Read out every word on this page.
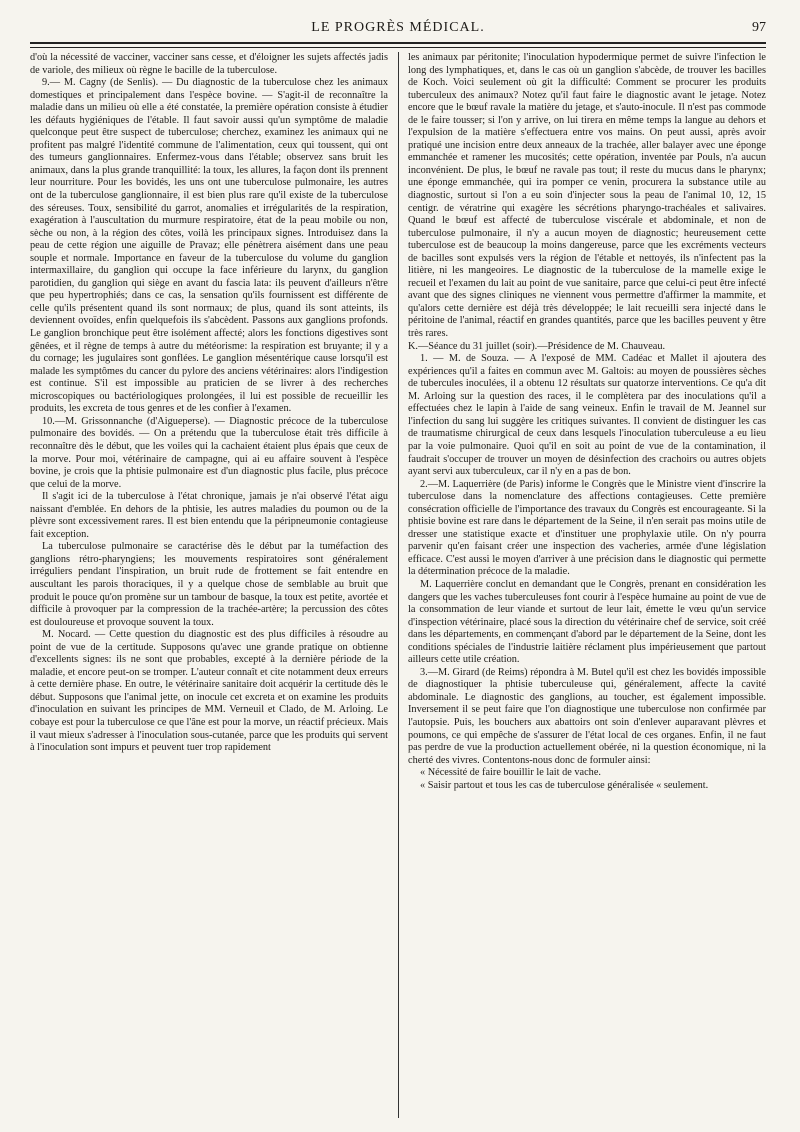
LE PROGRÈS MÉDICAL.	97

d'où la nécessité de vacciner, vacciner sans cesse, et d'éloigner les sujets affectés jadis de variole, des milieux où règne le bacille de la tuberculose.

9.— M. Cagny (de Senlis). — Du diagnostic de la tuberculose chez les animaux domestiques et principalement dans l'espèce bovine. — S'agit-il de reconnaître la maladie dans un milieu où elle a été constatée, la première opération consiste à étudier les défauts hygiéniques de l'étable. Il faut savoir aussi qu'un symptôme de maladie quelconque peut être suspect de tuberculose; cherchez, examinez les animaux qui ne profitent pas malgré l'identité commune de l'alimentation, ceux qui toussent, qui ont des tumeurs ganglionnaires. Enfermez-vous dans l'étable; observez sans bruit les animaux, dans la plus grande tranquillité: la toux, les allures, la façon dont ils prennent leur nourriture. Pour les bovidés, les uns ont une tuberculose pulmonaire, les autres ont de la tuberculose ganglionnaire, il est bien plus rare qu'il existe de la tuberculose des séreuses. Toux, sensibilité du garrot, anomalies et irrégularités de la respiration, exagération à l'auscultation du murmure respiratoire, état de la peau mobile ou non, sèche ou non, à la région des côtes, voilà les principaux signes. Introduisez dans la peau de cette région une aiguille de Pravaz; elle pénètrera aisément dans une peau souple et normale. Importance en faveur de la tuberculose du volume du ganglion intermaxillaire, du ganglion qui occupe la face inférieure du larynx, du ganglion parotidien, du ganglion qui siège en avant du fascia lata: ils peuvent d'ailleurs n'être que peu hypertrophiés; dans ce cas, la sensation qu'ils fournissent est différente de celle qu'ils présentent quand ils sont normaux; de plus, quand ils sont atteints, ils deviennent ovoïdes, enfin quelquefois ils s'abcèdent. Passons aux ganglions profonds. Le ganglion bronchique peut être isolément affecté; alors les fonctions digestives sont gênées, et il règne de temps à autre du météorisme: la respiration est bruyante; il y a du cornage; les jugulaires sont gonflées. Le ganglion mésentérique cause lorsqu'il est malade les symptômes du cancer du pylore des anciens vétérinaires: alors l'indigestion est continue. S'il est impossible au praticien de se livrer à des recherches microscopiques ou bactériologiques prolongées, il lui est possible de recueillir les produits, les excreta de tous genres et de les confier à l'examen.

10.—M. Grissonnanche (d'Aigueperse). — Diagnostic précoce de la tuberculose pulmonaire des bovidés. — On a prétendu que la tuberculose était très difficile à reconnaître dès le début, que les voiles qui la cachaient étaient plus épais que ceux de la morve. Pour moi, vétérinaire de campagne, qui ai eu affaire souvent à l'espèce bovine, je crois que la phtisie pulmonaire est d'un diagnostic plus facile, plus précoce que celui de la morve.

Il s'agit ici de la tuberculose à l'état chronique, jamais je n'ai observé l'état aigu naissant d'emblée. En dehors de la phtisie, les autres maladies du poumon ou de la plèvre sont excessivement rares. Il est bien entendu que la péripneumonie contagieuse fait exception.

La tuberculose pulmonaire se caractérise dès le début par la tuméfaction des ganglions rétro-pharyngiens; les mouvements respiratoires sont généralement irréguliers pendant l'inspiration, un bruit rude de frottement se fait entendre en auscultant les parois thoraciques, il y a quelque chose de semblable au bruit que produit le pouce qu'on promène sur un tambour de basque, la toux est petite, avortée et difficile à provoquer par la compression de la trachée-artère; la percussion des côtes est douloureuse et provoque souvent la toux.

M. Nocard. — Cette question du diagnostic est des plus difficiles à résoudre au point de vue de la certitude. Supposons qu'avec une grande pratique on obtienne d'excellents signes: ils ne sont que probables, excepté à la dernière période de la maladie, et encore peut-on se tromper. L'auteur connaît et cite notamment deux erreurs à cette dernière phase. En outre, le vétérinaire sanitaire doit acquérir la certitude dès le début. Supposons que l'animal jette, on inocule cet excreta et on examine les produits d'inoculation en suivant les principes de MM. Verneuil et Clado, de M. Arloing. Le cobaye est pour la tuberculose ce que l'âne est pour la morve, un réactif précieux. Mais il vaut mieux s'adresser à l'inoculation sous-cutanée, parce que les produits qui servent à l'inoculation sont impurs et peuvent tuer trop rapidement

les animaux par péritonite; l'inoculation hypodermique permet de suivre l'infection le long des lymphatiques, et, dans le cas où un ganglion s'abcède, de trouver les bacilles de Koch. Voici seulement où git la difficulté: Comment se procurer les produits tuberculeux des animaux? Notez qu'il faut faire le diagnostic avant le jetage. Notez encore que le bœuf ravale la matière du jetage, et s'auto-inocule. Il n'est pas commode de le faire tousser; si l'on y arrive, on lui tirera en même temps la langue au dehors et l'expulsion de la matière s'effectuera entre vos mains. On peut aussi, après avoir pratiqué une incision entre deux anneaux de la trachée, aller balayer avec une éponge emmanchée et ramener les mucosités; cette opération, inventée par Pouls, n'a aucun inconvénient. De plus, le bœuf ne ravale pas tout; il reste du mucus dans le pharynx; une éponge emmanchée, qui ira pomper ce venin, procurera la substance utile au diagnostic, surtout si l'on a eu soin d'injecter sous la peau de l'animal 10, 12, 15 centigr. de vératrine qui exagère les sécrétions pharyngo-trachéales et salivaires. Quand le bœuf est affecté de tuberculose viscérale et abdominale, et non de tuberculose pulmonaire, il n'y a aucun moyen de diagnostic; heureusement cette tuberculose est de beaucoup la moins dangereuse, parce que les excréments vecteurs de bacilles sont expulsés vers la région de l'étable et nettoyés, ils n'infectent pas la litière, ni les mangeoires. Le diagnostic de la tuberculose de la mamelle exige le recueil et l'examen du lait au point de vue sanitaire, parce que celui-ci peut être infecté avant que des signes cliniques ne viennent vous permettre d'affirmer la mammite, et qu'alors cette dernière est déjà très développée; le lait recueilli sera injecté dans le péritoine de l'animal, réactif en grandes quantités, parce que les bacilles peuvent y être très rares.

K.—Séance du 31 juillet (soir).—Présidence de M. Chauveau.

1. — M. de Souza. — A l'exposé de MM. Cadéac et Mallet il ajoutera des expériences qu'il a faites en commun avec M. Galtois: au moyen de poussières sèches de tubercules inoculées, il a obtenu 12 résultats sur quatorze interventions. Ce qu'a dit M. Arloing sur la question des races, il le complètera par des inoculations qu'il a effectuées chez le lapin à l'aide de sang veineux. Enfin le travail de M. Jeannel sur l'infection du sang lui suggère les critiques suivantes. Il convient de distinguer les cas de traumatisme chirurgical de ceux dans lesquels l'inoculation tuberculeuse a eu lieu par la voie pulmonaire. Quoi qu'il en soit au point de vue de la contamination, il faudrait s'occuper de trouver un moyen de désinfection des crachoirs ou autres objets ayant servi aux tuberculeux, car il n'y en a pas de bon.

2.—M. Laquerrière (de Paris) informe le Congrès que le Ministre vient d'inscrire la tuberculose dans la nomenclature des affections contagieuses. Cette première consécration officielle de l'importance des travaux du Congrès est encourageante. Si la phtisie bovine est rare dans le département de la Seine, il n'en serait pas moins utile de dresser une statistique exacte et d'instituer une prophylaxie utile. On n'y pourra parvenir qu'en faisant créer une inspection des vacheries, armée d'une législation efficace. C'est aussi le moyen d'arriver à une précision dans le diagnostic qui permette la détermination précoce de la maladie.

M. Laquerrière conclut en demandant que le Congrès, prenant en considération les dangers que les vaches tuberculeuses font courir à l'espèce humaine au point de vue de la consommation de leur viande et surtout de leur lait, émette le vœu qu'un service d'inspection vétérinaire, placé sous la direction du vétérinaire chef de service, soit créé dans les départements, en commençant d'abord par le département de la Seine, dont les conditions spéciales de l'industrie laitière réclament plus impérieusement que partout ailleurs cette utile création.

3.—M. Girard (de Reims) répondra à M. Butel qu'il est chez les bovidés impossible de diagnostiquer la phtisie tuberculeuse qui, généralement, affecte la cavité abdominale. Le diagnostic des ganglions, au toucher, est également impossible. Inversement il se peut faire que l'on diagnostique une tuberculose non confirmée par l'autopsie. Puis, les bouchers aux abattoirs ont soin d'enlever auparavant plèvres et poumons, ce qui empêche de s'assurer de l'état local de ces organes. Enfin, il ne faut pas perdre de vue la production actuellement obérée, ni la question économique, ni la cherté des vivres. Contentons-nous donc de formuler ainsi:

« Nécessité de faire bouillir le lait de vache.

« Saisir partout et tous les cas de tuberculose généralisée « seulement.
